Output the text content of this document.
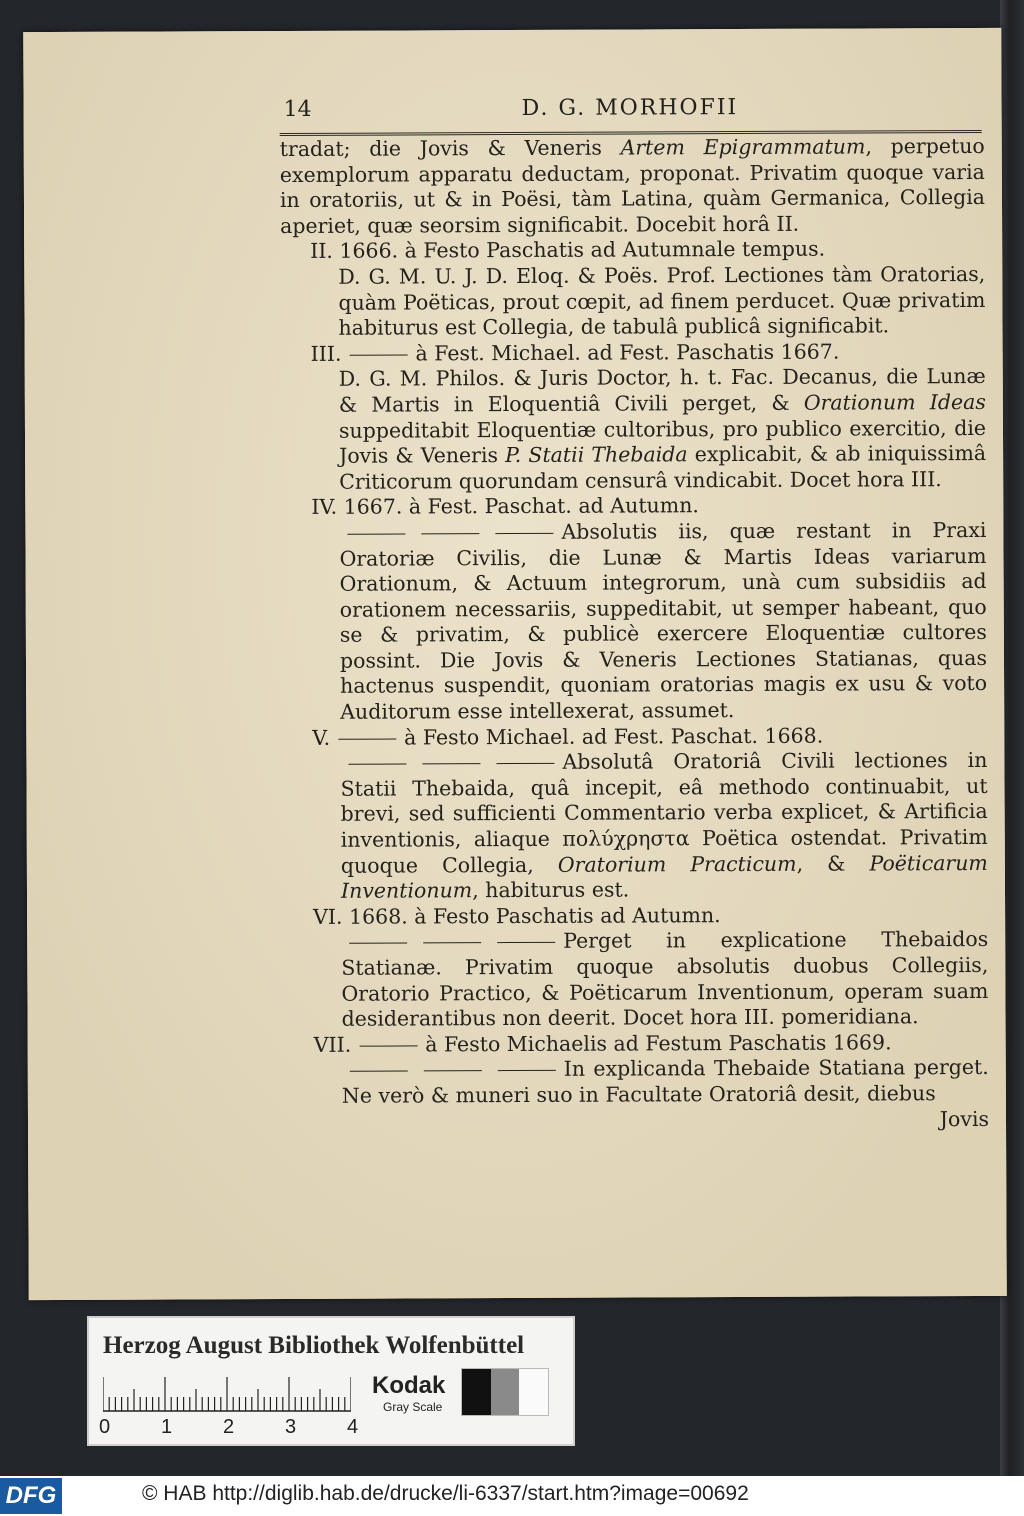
14	D. G. MORHOFII

tradat; die Jovis & Veneris Artem Epigrammatum, perpetuo exemplorum apparatu deductam, proponat. Privatim quoque varia in oratoriis, ut & in Poësi, tàm Latina, quàm Germanica, Collegia aperiet, quæ seorsim significabit. Docebit horâ II.

II. 1666. à Festo Paschatis ad Autumnale tempus.

D. G. M. U. J. D. Eloq. & Poës. Prof. Lectiones tàm Oratorias, quàm Poëticas, prout cœpit, ad finem perducet. Quæ privatim habiturus est Collegia, de tabulâ publicâ significabit.

III.	à Fest. Michael. ad Fest. Paschatis 1667.

D. G. M. Philos. & Juris Doctor, h. t. Fac. Decanus, die Lunæ & Martis in Eloquentiâ Civili perget, & Orationum Ideas suppeditabit Eloquentiæ cultoribus, pro publico exercitio, die Jovis & Veneris P. Statii Thebaida explicabit, & ab iniquissimâ Criticorum quorundam censurâ vindicabit. Docet hora III.

IV. 1667. à Fest. Paschat. ad Autumn.

Absolutis iis, quæ restant in Praxi Oratoriæ Civilis, die Lunæ & Martis Ideas variarum Orationum, & Actuum integrorum, unà cum subsidiis ad orationem necessariis, suppeditabit, ut semper habeant, quo se & privatim, & publicè exercere Eloquentiæ cultores possint. Die Jovis & Veneris Lectiones Statianas, quas hactenus suspendit, quoniam oratorias magis ex usu & voto Auditorum esse intellexerat, assumet.

V.	à Festo Michael. ad Fest. Paschat. 1668.

Absolutâ Oratoriâ Civili lectiones in Statii Thebaida, quâ incepit, eâ methodo continuabit, ut brevi, sed sufficienti Commentario verba explicet, & Artificia inventionis, aliaque πολύχρηστα Poëtica ostendat. Privatim quoque Collegia, Oratorium Practicum, & Poëticarum Inventionum, habiturus est.

VI. 1668. à Festo Paschatis ad Autumn.

Perget in explicatione Thebaidos Statianæ. Privatim quoque absolutis duobus Collegiis, Oratorio Practico, & Poëticarum Inventionum, operam suam desiderantibus non deerit. Docet hora III. pomeridiana.

VII.	à Festo Michaelis ad Festum Paschatis 1669.

In explicanda Thebaide Statiana perget. Ne verò & muneri suo in Facultate Oratoriâ desit, diebus

Jovis

Herzog August Bibliothek Wolfenbüttel
0	1	2	3	4
Kodak
Gray Scale
DFG	© HAB http://diglib.hab.de/drucke/li-6337/start.htm?image=00692
